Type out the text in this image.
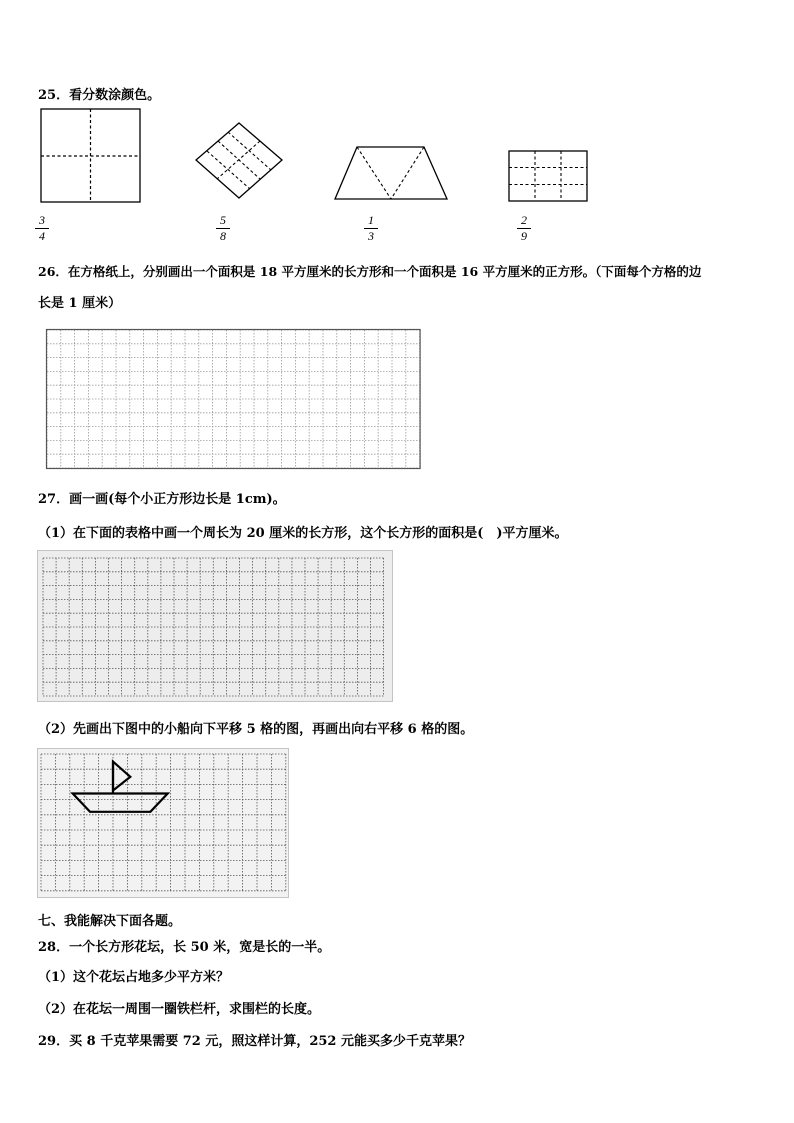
25．看分数涂颜色。
3
4
5
8
1
3
2
9
26．在方格纸上，分别画出一个面积是 18 平方厘米的长方形和一个面积是 16 平方厘米的正方形。（下面每个方格的边
长是 1 厘米）
27．画一画(每个小正方形边长是 1cm)。
（1）在下面的表格中画一个周长为 20 厘米的长方形，这个长方形的面积是(　)平方厘米。
（2）先画出下图中的小船向下平移 5 格的图，再画出向右平移 6 格的图。
七、我能解决下面各题。
28．一个长方形花坛，长 50 米，宽是长的一半。
（1）这个花坛占地多少平方米？
（2）在花坛一周围一圈铁栏杆，求围栏的长度。
29．买 8 千克苹果需要 72 元，照这样计算，252 元能买多少千克苹果？
